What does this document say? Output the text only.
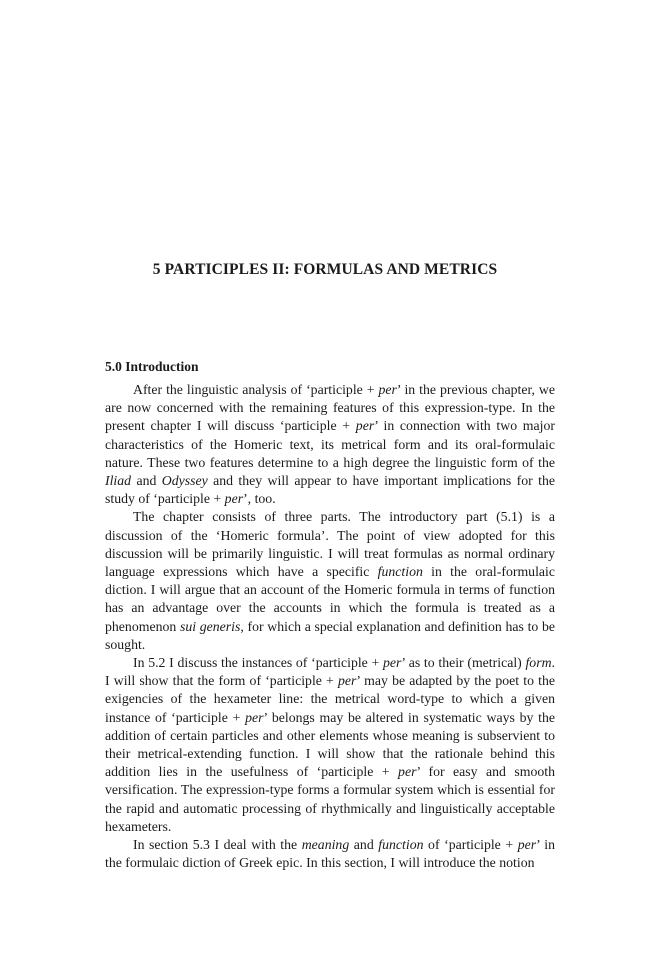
5 PARTICIPLES II: FORMULAS AND METRICS
5.0 Introduction

After the linguistic analysis of ‘participle + per’ in the previous chapter, we are now concerned with the remaining features of this expression-type. In the present chapter I will discuss ‘participle + per’ in connection with two major characteristics of the Homeric text, its metrical form and its oral-formulaic nature. These two features determine to a high degree the linguistic form of the Iliad and Odyssey and they will appear to have important implications for the study of ‘participle + per’, too.

The chapter consists of three parts. The introductory part (5.1) is a discussion of the ‘Homeric formula’. The point of view adopted for this discussion will be primarily linguistic. I will treat formulas as normal ordinary language expressions which have a specific function in the oral-formulaic diction. I will argue that an account of the Homeric formula in terms of function has an advantage over the accounts in which the formula is treated as a phenomenon sui generis, for which a special explanation and definition has to be sought.

In 5.2 I discuss the instances of ‘participle + per’ as to their (metrical) form. I will show that the form of ‘participle + per’ may be adapted by the poet to the exigencies of the hexameter line: the metrical word-type to which a given instance of ‘participle + per’ belongs may be altered in systematic ways by the addition of certain particles and other elements whose meaning is subservient to their metrical-extending function. I will show that the rationale behind this addition lies in the usefulness of ‘participle + per’ for easy and smooth versification. The expression-type forms a formular system which is essential for the rapid and automatic processing of rhythmically and linguistically acceptable hexameters.

In section 5.3 I deal with the meaning and function of ‘participle + per’ in the formulaic diction of Greek epic. In this section, I will introduce the notion
